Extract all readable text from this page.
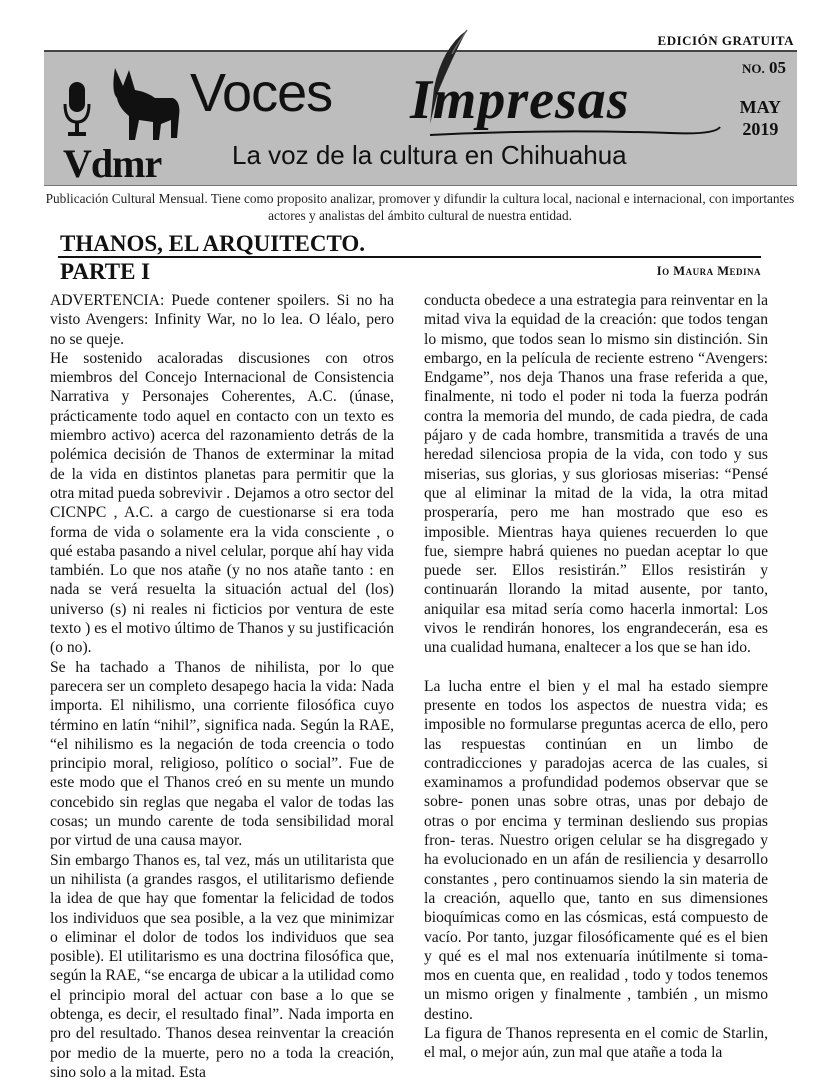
EDICIÓN GRATUITA
Vdmr
Voces Impresas
La voz de la cultura en Chihuahua
NO. 05
MAY
2019
Publicación Cultural Mensual. Tiene como proposito analizar, promover y difundir la cultura local, nacional e internacional, con importantes actores y analistas del ámbito cultural de nuestra entidad.
THANOS, EL ARQUITECTO.
PARTE I	Io Maura Medina

ADVERTENCIA: Puede contener spoilers. Si no ha visto Avengers: Infinity War, no lo lea. O léalo, pero no se queje.

He sostenido acaloradas discusiones con otros miembros del Concejo Internacional de Consistencia Narrativa y Personajes Coherentes, A.C. (únase, prácticamente todo aquel en contacto con un texto es miembro activo) acerca del razonamiento detrás de la polémica decisión de Thanos de exterminar la mitad de la vida en distintos planetas para permitir que la otra mitad pueda sobrevivir . Dejamos a otro sector del CICNPC , A.C. a cargo de cuestionarse si era toda forma de vida o solamente era la vida consciente , o qué estaba pasando a nivel celular, porque ahí hay vida también. Lo que nos atañe (y no nos atañe tanto : en nada se verá resuelta la situación actual del (los) universo (s) ni reales ni ficticios por ventura de este texto ) es el motivo último de Thanos y su justificación (o no).

Se ha tachado a Thanos de nihilista, por lo que parecera ser un completo desapego hacia la vida: Nada importa. El nihilismo, una corriente filosófica cuyo término en latín “nihil”, significa nada. Según la RAE, “el nihilismo es la negación de toda creencia o todo principio moral, religioso, político o social”. Fue de este modo que el Thanos creó en su mente un mundo concebido sin reglas que negaba el valor de todas las cosas; un mundo carente de toda sensibilidad moral por virtud de una causa mayor.

Sin embargo Thanos es, tal vez, más un utilitarista que un nihilista (a grandes rasgos, el utilitarismo defiende la idea de que hay que fomentar la felicidad de todos los individuos que sea posible, a la vez que minimizar o eliminar el dolor de todos los individuos que sea posible). El utilitarismo es una doctrina filosófica que, según la RAE, “se encarga de ubicar a la utilidad como el principio moral del actuar con base a lo que se obtenga, es decir, el resultado final”. Nada importa en pro del resultado. Thanos desea reinventar la creación por medio de la muerte, pero no a toda la creación, sino solo a la mitad. Esta

conducta obedece a una estrategia para reinventar en la mitad viva la equidad de la creación: que todos tengan lo mismo, que todos sean lo mismo sin distinción. Sin embargo, en la película de reciente estreno “Avengers: Endgame”, nos deja Thanos una frase referida a que, finalmente, ni todo el poder ni toda la fuerza podrán contra la memoria del mundo, de cada piedra, de cada pájaro y de cada hombre, transmitida a través de una heredad silenciosa propia de la vida, con todo y sus miserias, sus glorias, y sus gloriosas miserias: “Pensé que al eliminar la mitad de la vida, la otra mitad prosperaría, pero me han mostrado que eso es imposible. Mientras haya quienes recuerden lo que fue, siempre habrá quienes no puedan aceptar lo que puede ser. Ellos resistirán.” Ellos resistirán y continuarán llorando la mitad ausente, por tanto, aniquilar esa mitad sería como hacerla inmortal: Los vivos le rendirán honores, los engrandecerán, esa es una cualidad humana, enaltecer a los que se han ido.

La lucha entre el bien y el mal ha estado siempre presente en todos los aspectos de nuestra vida; es imposible no formularse preguntas acerca de ello, pero las respuestas continúan en un limbo de contradicciones y paradojas acerca de las cuales, si examinamos a profundidad podemos observar que se sobre- ponen unas sobre otras, unas por debajo de otras o por encima y terminan desliendo sus propias fron- teras. Nuestro origen celular se ha disgregado y ha evolucionado en un afán de resiliencia y desarrollo constantes , pero continuamos siendo la sin materia de la creación, aquello que, tanto en sus dimensiones bioquímicas como en las cósmicas, está compuesto de vacío. Por tanto, juzgar filosóficamente qué es el bien y qué es el mal nos extenuaría inútilmente si toma- mos en cuenta que, en realidad , todo y todos tenemos un mismo origen y finalmente , también , un mismo destino.

La figura de Thanos representa en el comic de Starlin, el mal, o mejor aún, zun mal que atañe a toda la
